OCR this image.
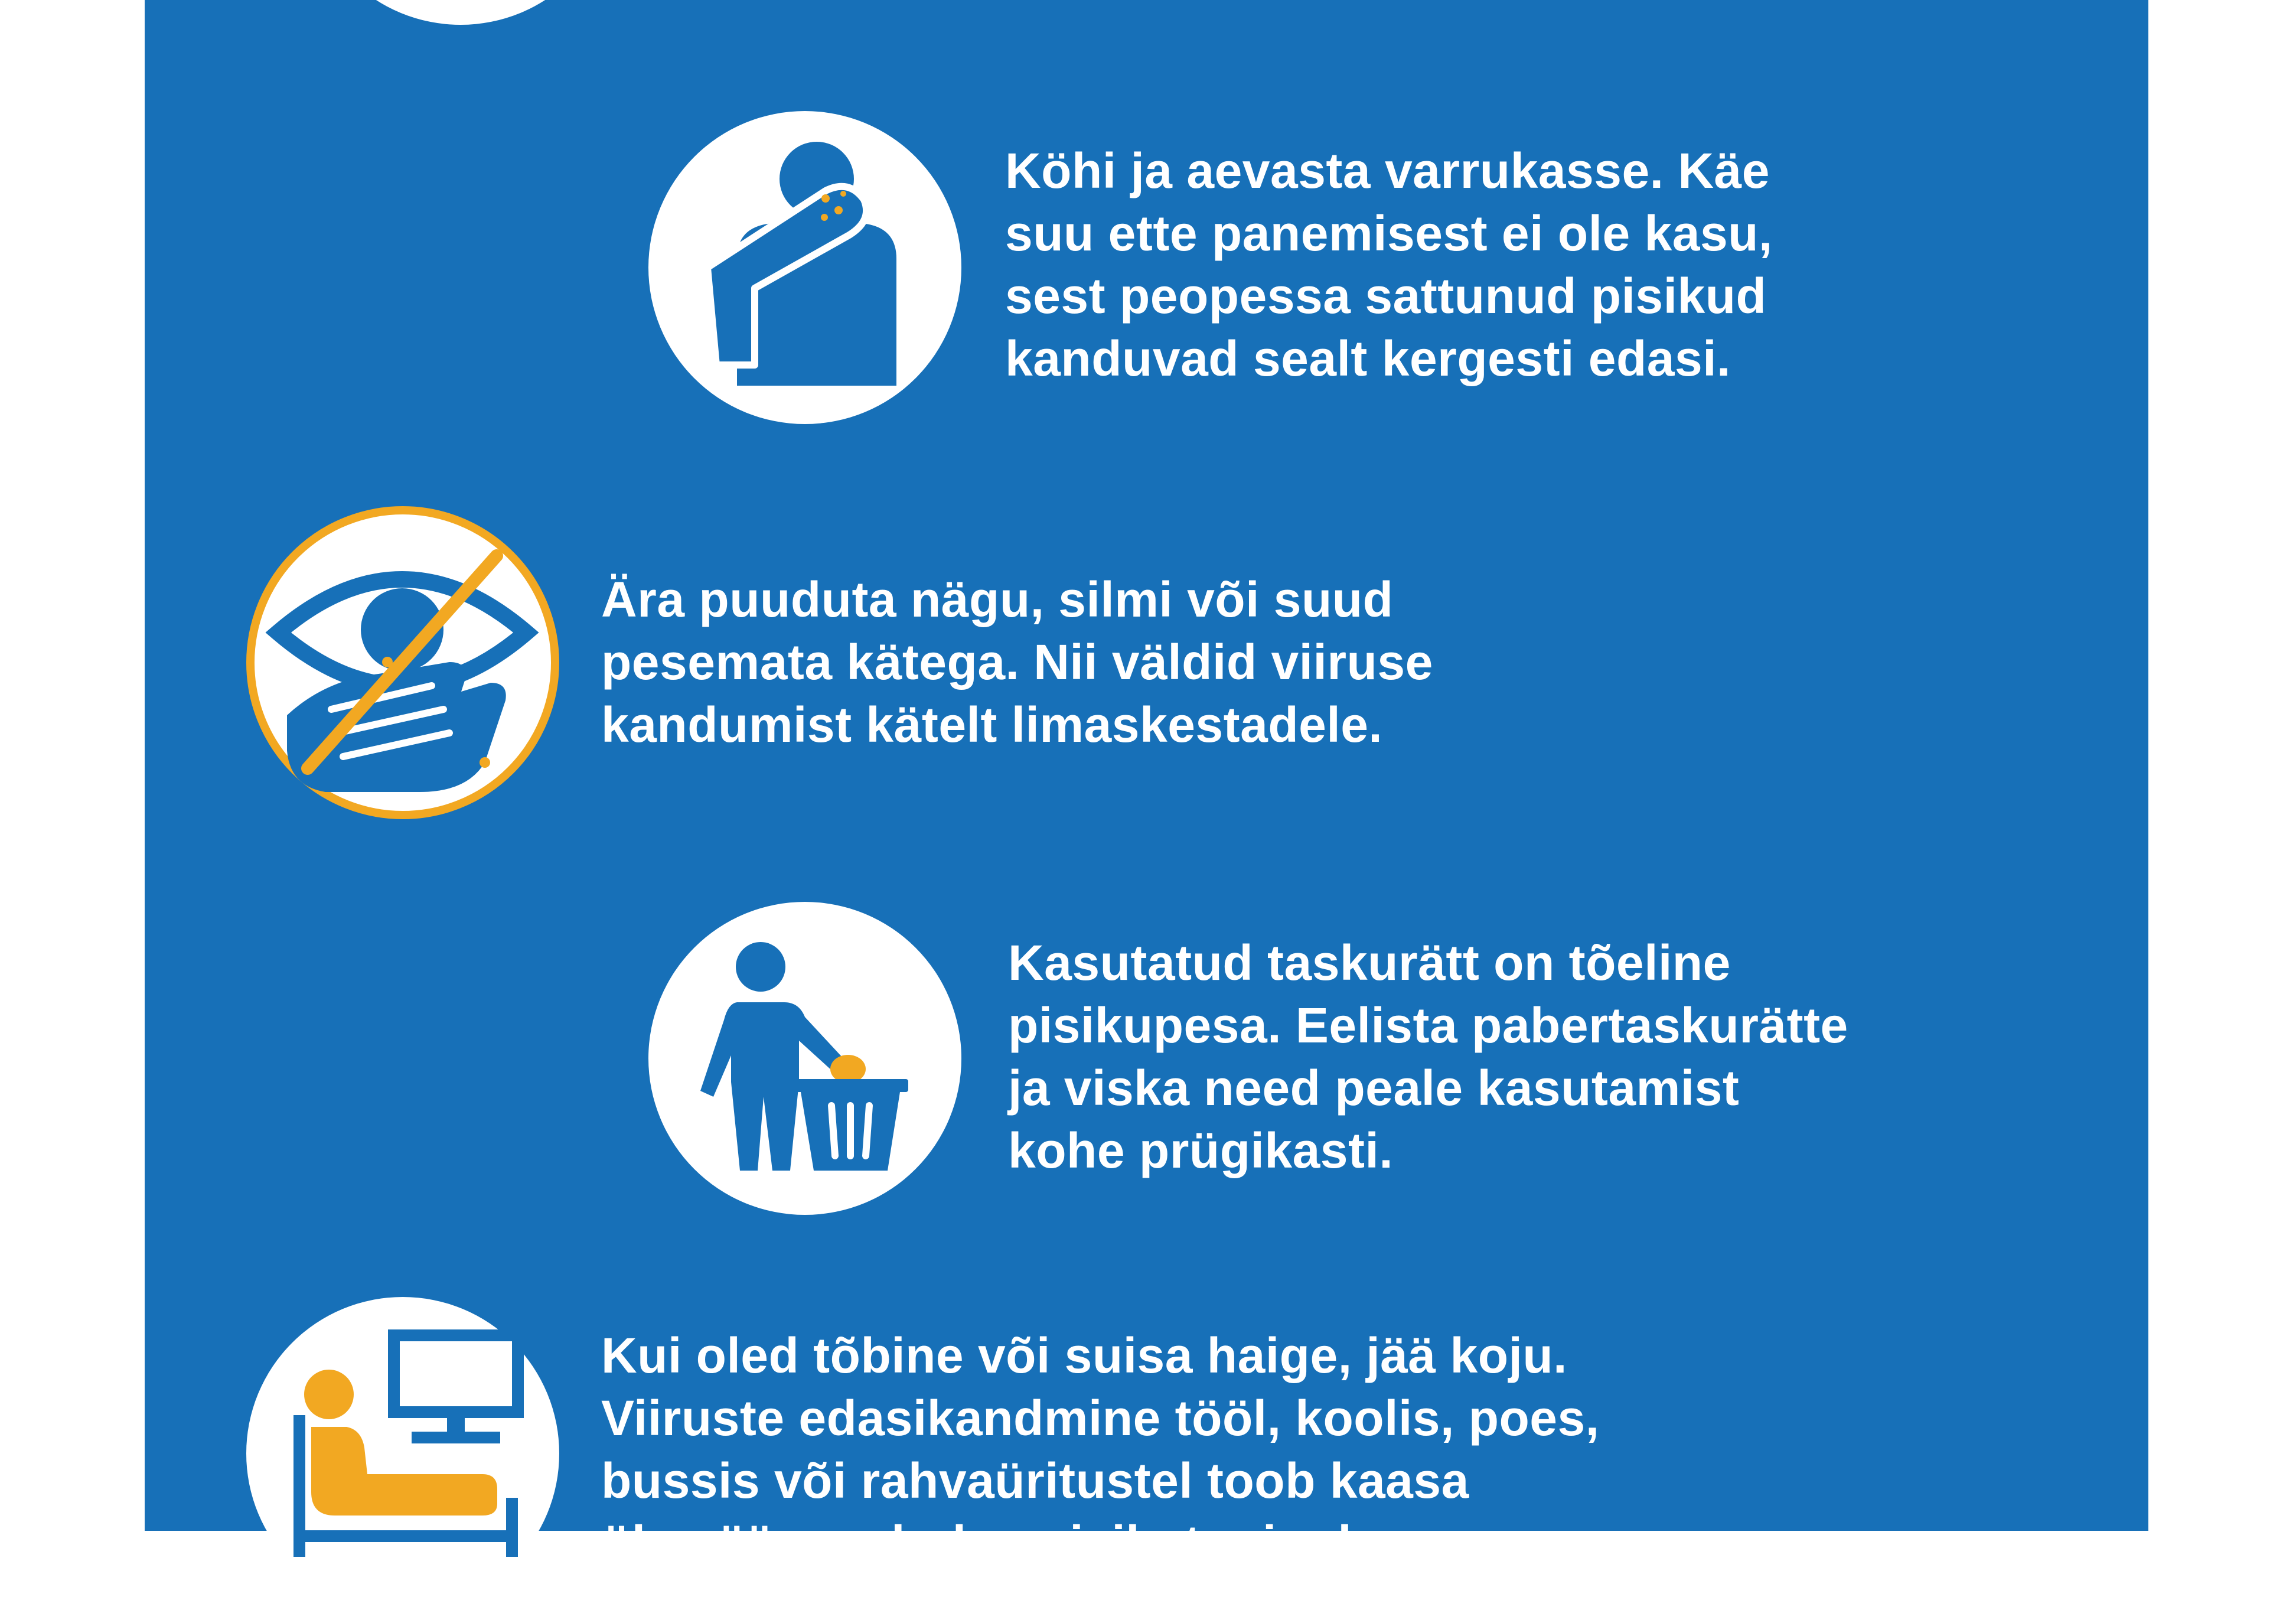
Köhi ja aevasta varrukasse. Käe
suu ette panemisest ei ole kasu,
sest peopessa sattunud pisikud
kanduvad sealt kergesti edasi.

Ära puuduta nägu, silmi või suud
pesemata kätega. Nii väldid viiruse
kandumist kätelt limaskestadele.

Kasutatud taskurätt on tõeline
pisikupesa. Eelista pabertaskurätte
ja viska need peale kasutamist
kohe prügikasti.

Kui oled tõbine või suisa haige, jää koju.
Viiruste edasikandmine tööl, koolis, poes,
bussis või rahvaüritustel toob kaasa
ülemäärase hulga pisikute ringluse.
